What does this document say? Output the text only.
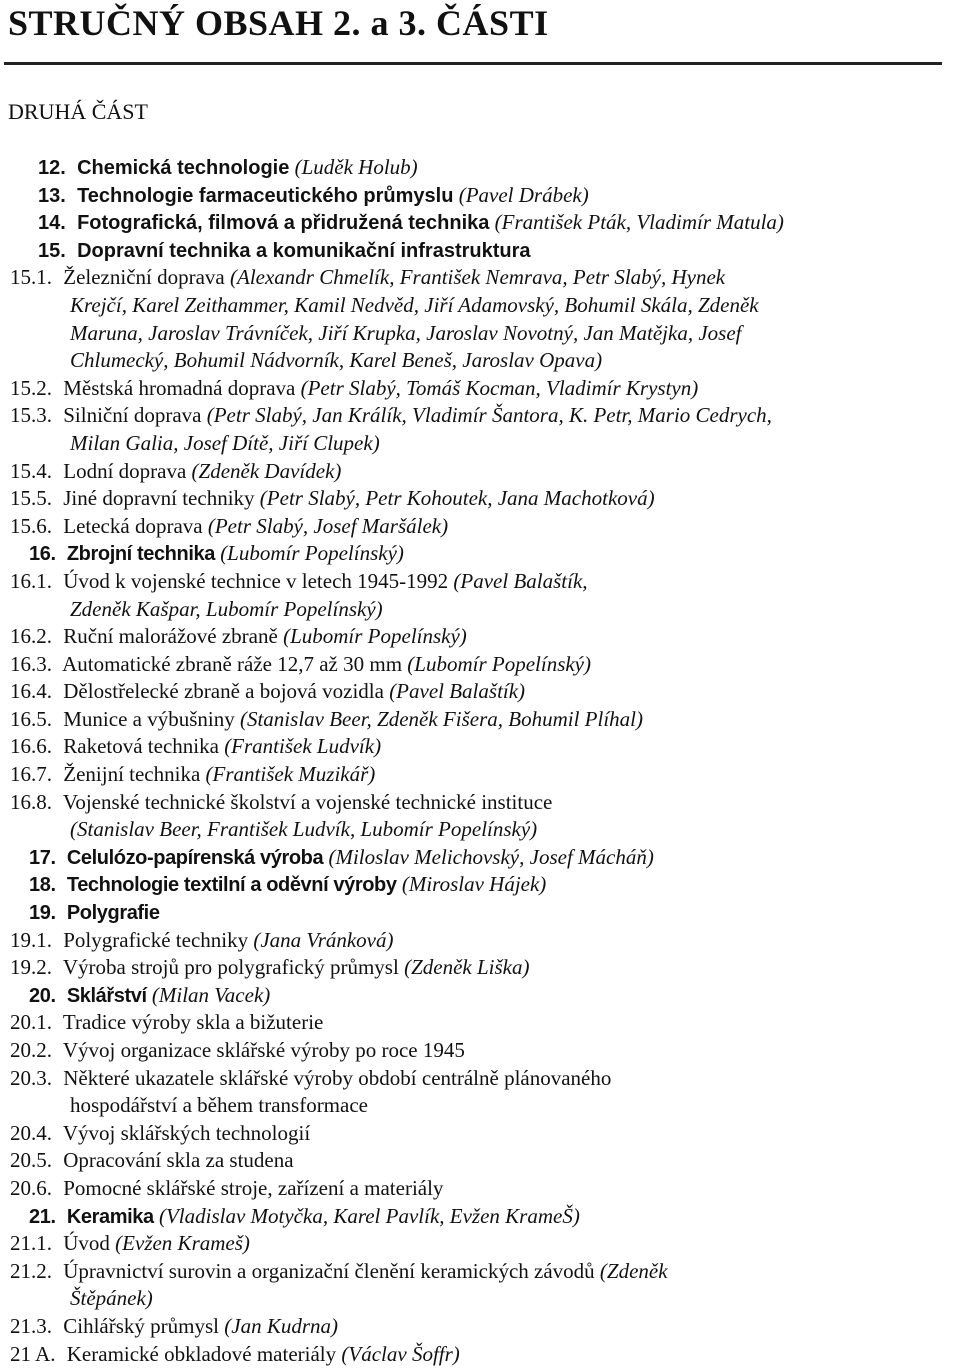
STRUČNÝ OBSAH 2. a 3. ČÁSTI
DRUHÁ ČÁST
12. Chemická technologie (Luděk Holub)
13. Technologie farmaceutického průmyslu (Pavel Drábek)
14. Fotografická, filmová a přidružená technika (František Pták, Vladimír Matula)
15. Dopravní technika a komunikační infrastruktura
15.1. Železniční doprava (Alexandr Chmelík, František Nemrava, Petr Slabý, Hynek
Krejčí, Karel Zeithammer, Kamil Nedvěd, Jiří Adamovský, Bohumil Skála, Zdeněk
Maruna, Jaroslav Trávníček, Jiří Krupka, Jaroslav Novotný, Jan Matějka, Josef
Chlumecký, Bohumil Nádvorník, Karel Beneš, Jaroslav Opava)
15.2. Městská hromadná doprava (Petr Slabý, Tomáš Kocman, Vladimír Krystyn)
15.3. Silniční doprava (Petr Slabý, Jan Králík, Vladimír Šantora, K. Petr, Mario Cedrych,
Milan Galia, Josef Dítě, Jiří Clupek)
15.4. Lodní doprava (Zdeněk Davídek)
15.5. Jiné dopravní techniky (Petr Slabý, Petr Kohoutek, Jana Machotková)
15.6. Letecká doprava (Petr Slabý, Josef Maršálek)
16. Zbrojní technika (Lubomír Popelínský)
16.1. Úvod k vojenské technice v letech 1945-1992 (Pavel Balaštík,
Zdeněk Kašpar, Lubomír Popelínský)
16.2. Ruční malorážové zbraně (Lubomír Popelínský)
16.3. Automatické zbraně ráže 12,7 až 30 mm (Lubomír Popelínský)
16.4. Dělostřelecké zbraně a bojová vozidla (Pavel Balaštík)
16.5. Munice a výbušniny (Stanislav Beer, Zdeněk Fišera, Bohumil Plíhal)
16.6. Raketová technika (František Ludvík)
16.7. Ženijní technika (František Muzikář)
16.8. Vojenské technické školství a vojenské technické instituce
(Stanislav Beer, František Ludvík, Lubomír Popelínský)
17. Celulózo-papírenská výroba (Miloslav Melichovský, Josef Mácháň)
18. Technologie textilní a oděvní výroby (Miroslav Hájek)
19. Polygrafie
19.1. Polygrafické techniky (Jana Vránková)
19.2. Výroba strojů pro polygrafický průmysl (Zdeněk Liška)
20. Sklářství (Milan Vacek)
20.1. Tradice výroby skla a bižuterie
20.2. Vývoj organizace sklářské výroby po roce 1945
20.3. Některé ukazatele sklářské výroby období centrálně plánovaného
hospodářství a během transformace
20.4. Vývoj sklářských technologií
20.5. Opracování skla za studena
20.6. Pomocné sklářské stroje, zařízení a materiály
21. Keramika (Vladislav Motyčka, Karel Pavlík, Evžen KrameŠ)
21.1. Úvod (Evžen Krameš)
21.2. Úpravnictví surovin a organizační členění keramických závodů (Zdeněk
Štěpánek)
21.3. Cihlářský průmysl (Jan Kudrna)
21 A. Keramické obkladové materiály (Václav Šoffr)
